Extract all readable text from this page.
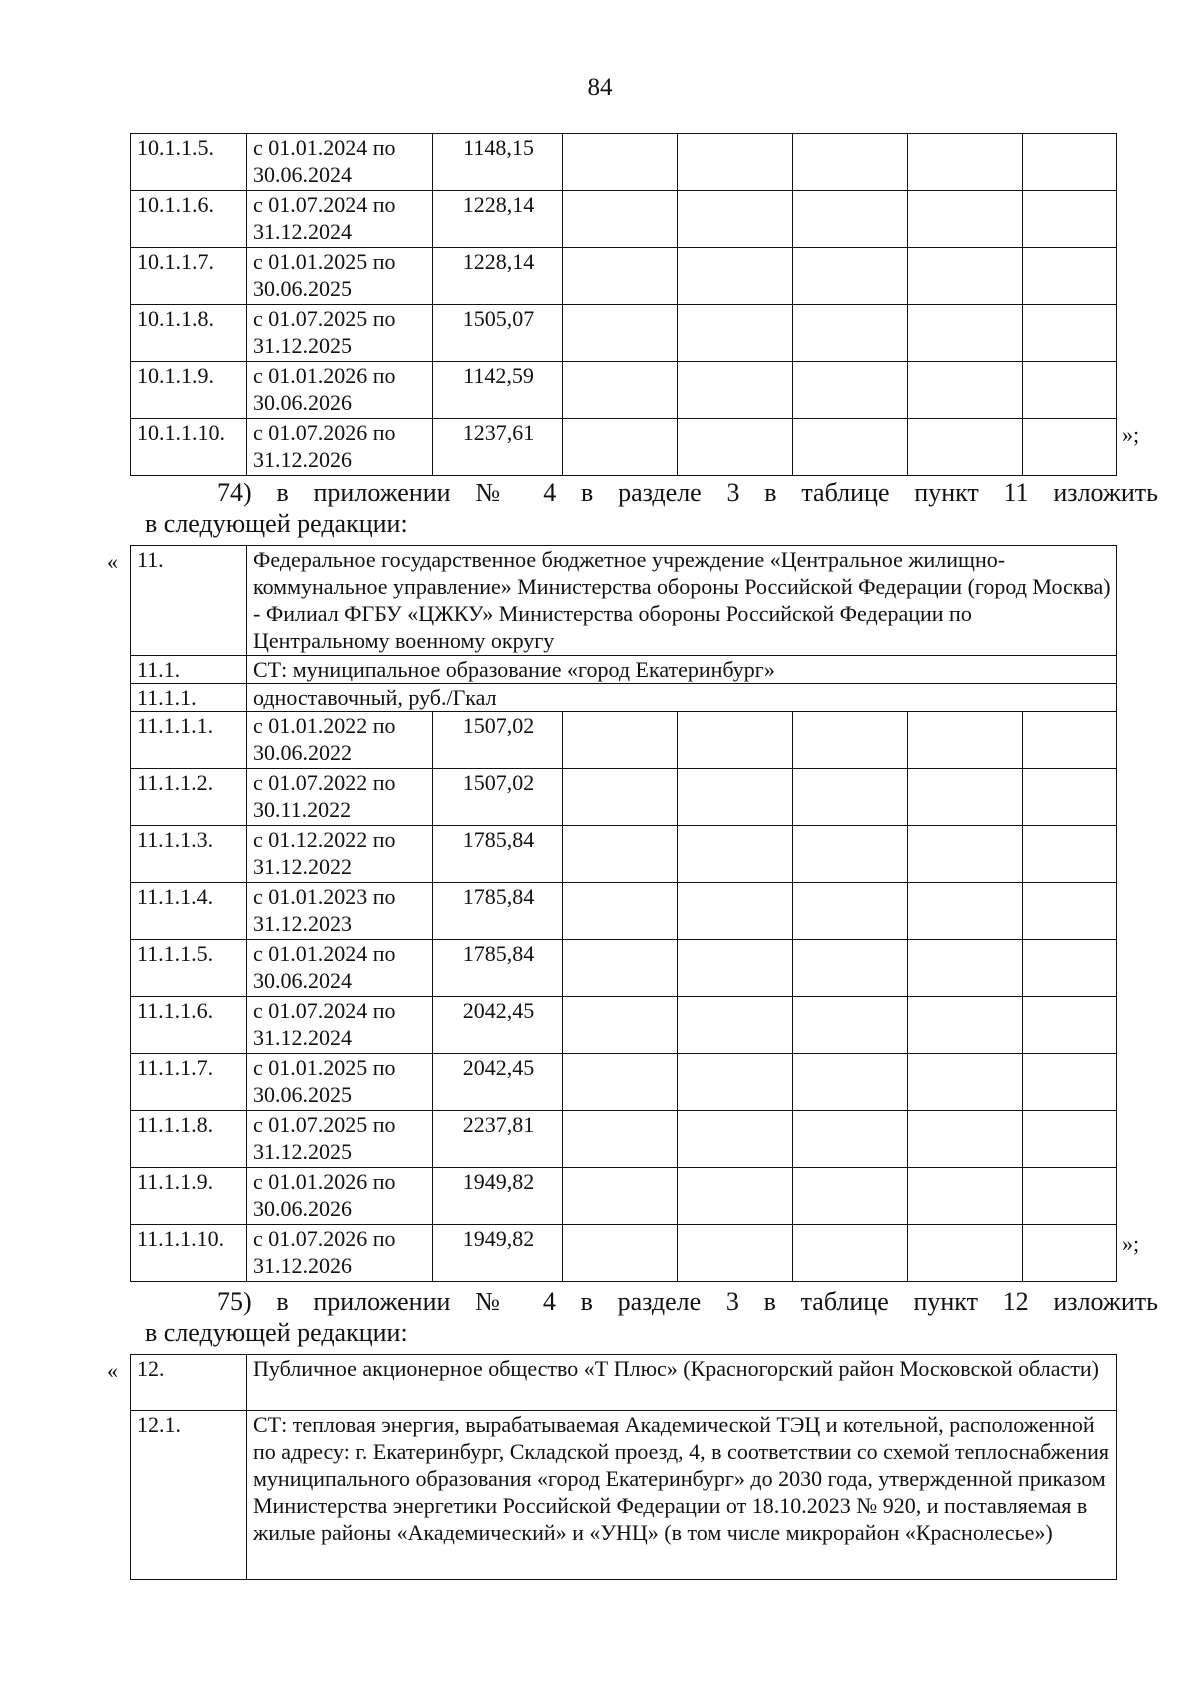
84
10.1.1.5.	с 01.01.2024 по 30.06.2024	1148,15					
10.1.1.6.	с 01.07.2024 по 31.12.2024	1228,14					
10.1.1.7.	с 01.01.2025 по 30.06.2025	1228,14					
10.1.1.8.	с 01.07.2025 по 31.12.2025	1505,07					
10.1.1.9.	с 01.01.2026 по 30.06.2026	1142,59					
10.1.1.10.	с 01.07.2026 по 31.12.2026	1237,61						»;
74) в приложении № 4 в разделе 3 в таблице пункт 11 изложить
в следующей редакции:
« 11.	Федеральное государственное бюджетное учреждение «Центральное жилищно-коммунальное управление» Министерства обороны Российской Федерации (город Москва) - Филиал ФГБУ «ЦЖКУ» Министерства обороны Российской Федерации по Центральному военному округу						
11.1.	СТ: муниципальное образование «город Екатеринбург»						
11.1.1.	одноставочный, руб./Гкал						
11.1.1.1.	с 01.01.2022 по 30.06.2022	1507,02					
11.1.1.2.	с 01.07.2022 по 30.11.2022	1507,02					
11.1.1.3.	с 01.12.2022 по 31.12.2022	1785,84					
11.1.1.4.	с 01.01.2023 по 31.12.2023	1785,84					
11.1.1.5.	с 01.01.2024 по 30.06.2024	1785,84					
11.1.1.6.	с 01.07.2024 по 31.12.2024	2042,45					
11.1.1.7.	с 01.01.2025 по 30.06.2025	2042,45					
11.1.1.8.	с 01.07.2025 по 31.12.2025	2237,81					
11.1.1.9.	с 01.01.2026 по 30.06.2026	1949,82					
11.1.1.10.	с 01.07.2026 по 31.12.2026	1949,82						»;
75) в приложении № 4 в разделе 3 в таблице пункт 12 изложить
в следующей редакции:
« 12.	Публичное акционерное общество «Т Плюс» (Красногорский район Московской области)
12.1.	СТ: тепловая энергия, вырабатываемая Академической ТЭЦ и котельной, расположенной по адресу: г. Екатеринбург, Складской проезд, 4, в соответствии со схемой теплоснабжения муниципального образования «город Екатеринбург» до 2030 года, утвержденной приказом Министерства энергетики Российской Федерации от 18.10.2023 № 920, и поставляемая в жилые районы «Академический» и «УНЦ» (в том числе микрорайон «Краснолесье»)
